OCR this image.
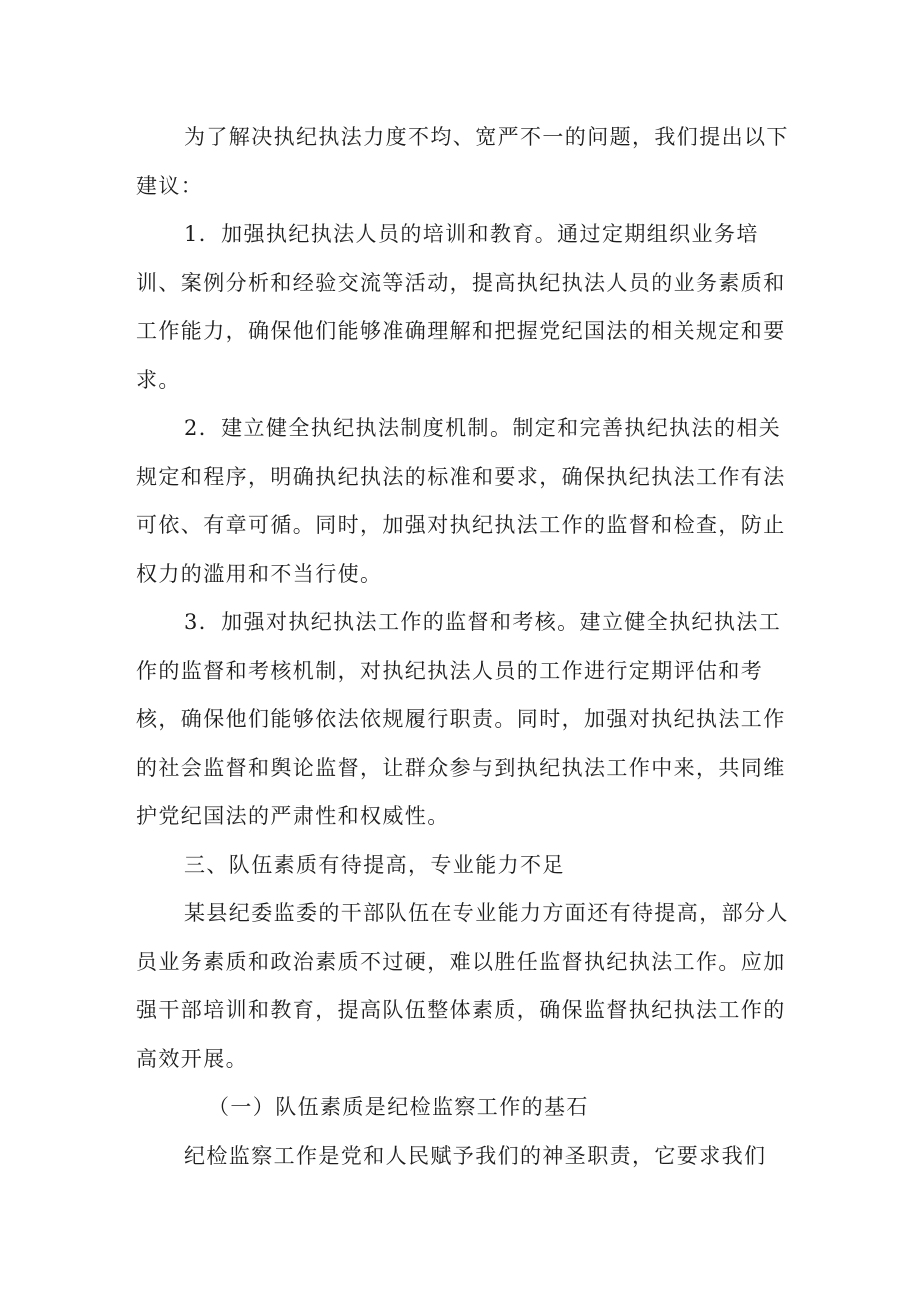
为了解决执纪执法力度不均、宽严不一的问题，我们提出以下建议：

1．加强执纪执法人员的培训和教育。通过定期组织业务培训、案例分析和经验交流等活动，提高执纪执法人员的业务素质和工作能力，确保他们能够准确理解和把握党纪国法的相关规定和要求。

2．建立健全执纪执法制度机制。制定和完善执纪执法的相关规定和程序，明确执纪执法的标准和要求，确保执纪执法工作有法可依、有章可循。同时，加强对执纪执法工作的监督和检查，防止权力的滥用和不当行使。

3．加强对执纪执法工作的监督和考核。建立健全执纪执法工作的监督和考核机制，对执纪执法人员的工作进行定期评估和考核，确保他们能够依法依规履行职责。同时，加强对执纪执法工作的社会监督和舆论监督，让群众参与到执纪执法工作中来，共同维护党纪国法的严肃性和权威性。

三、队伍素质有待提高，专业能力不足

某县纪委监委的干部队伍在专业能力方面还有待提高，部分人员业务素质和政治素质不过硬，难以胜任监督执纪执法工作。应加强干部培训和教育，提高队伍整体素质，确保监督执纪执法工作的高效开展。

（一）队伍素质是纪检监察工作的基石

纪检监察工作是党和人民赋予我们的神圣职责，它要求我们
